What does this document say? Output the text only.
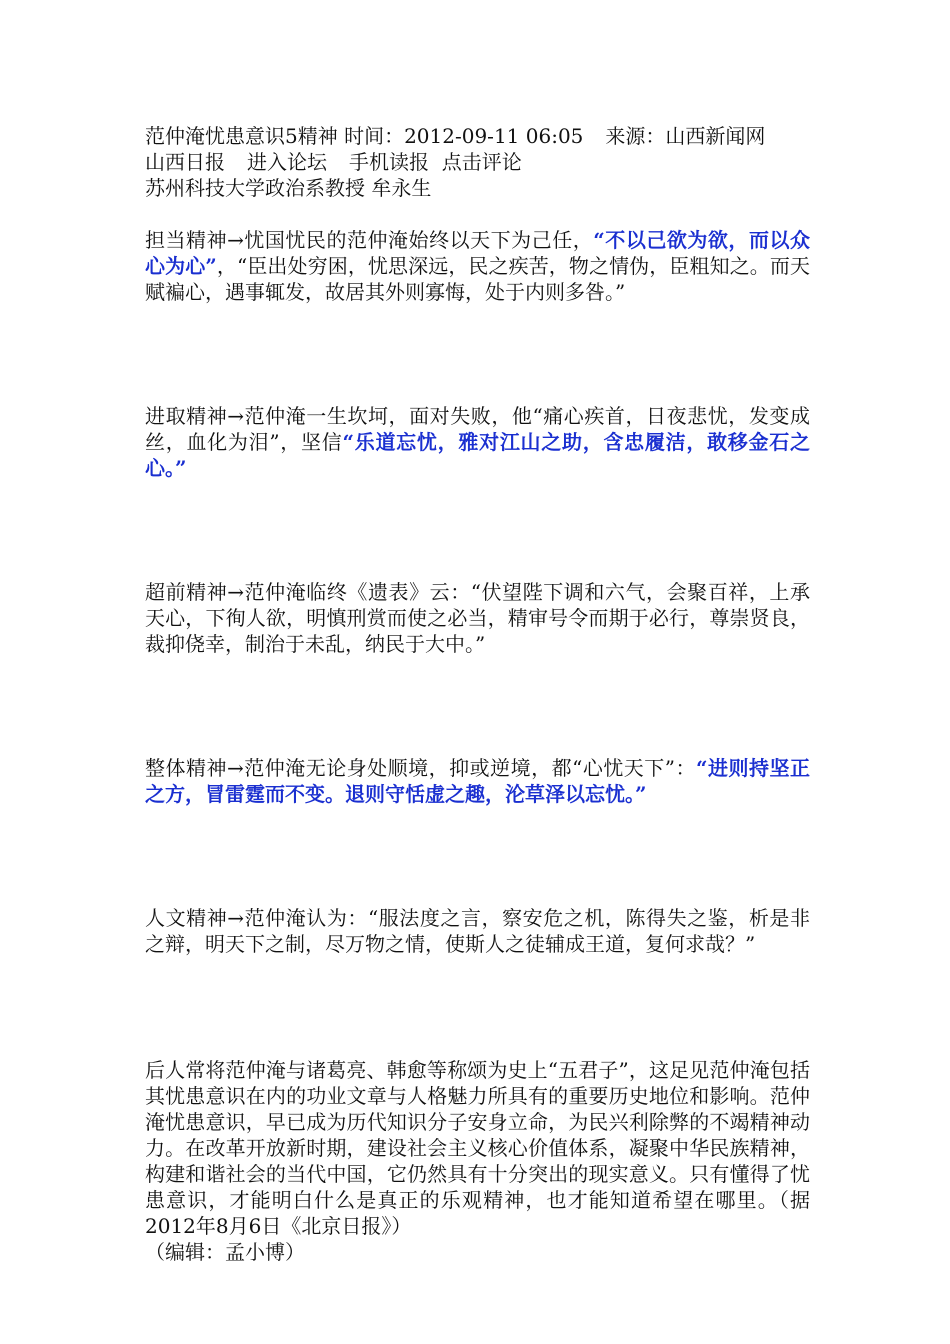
范仲淹忧患意识5精神 时间：2012-09-11 06:05 来源：山西新闻网
山西日报 进入论坛 手机读报 点击评论
苏州科技大学政治系教授 牟永生

担当精神→忧国忧民的范仲淹始终以天下为己任，“不以己欲为欲，而以众心为心”，“臣出处穷困，忧思深远，民之疾苦，物之情伪，臣粗知之。而天赋褊心，遇事辄发，故居其外则寡悔，处于内则多咎。”

进取精神→范仲淹一生坎坷，面对失败，他“痛心疾首，日夜悲忧，发变成丝，血化为泪”，坚信“乐道忘忧，雅对江山之助，含忠履洁，敢移金石之心。”

超前精神→范仲淹临终《遗表》云：“伏望陛下调和六气，会聚百祥，上承天心，下徇人欲，明慎刑赏而使之必当，精审号令而期于必行，尊崇贤良，裁抑侥幸，制治于未乱，纳民于大中。”

整体精神→范仲淹无论身处顺境，抑或逆境，都“心忧天下”：“进则持坚正之方，冒雷霆而不变。退则守恬虚之趣，沦草泽以忘忧。”

人文精神→范仲淹认为：“服法度之言，察安危之机，陈得失之鉴，析是非之辩，明天下之制，尽万物之情，使斯人之徒辅成王道，复何求哉？”

后人常将范仲淹与诸葛亮、韩愈等称颂为史上“五君子”，这足见范仲淹包括其忧患意识在内的功业文章与人格魅力所具有的重要历史地位和影响。范仲淹忧患意识，早已成为历代知识分子安身立命，为民兴利除弊的不竭精神动力。在改革开放新时期，建设社会主义核心价值体系，凝聚中华民族精神，构建和谐社会的当代中国，它仍然具有十分突出的现实意义。只有懂得了忧患意识，才能明白什么是真正的乐观精神，也才能知道希望在哪里。（据2012年8月6日《北京日报》）

（编辑：孟小博）
